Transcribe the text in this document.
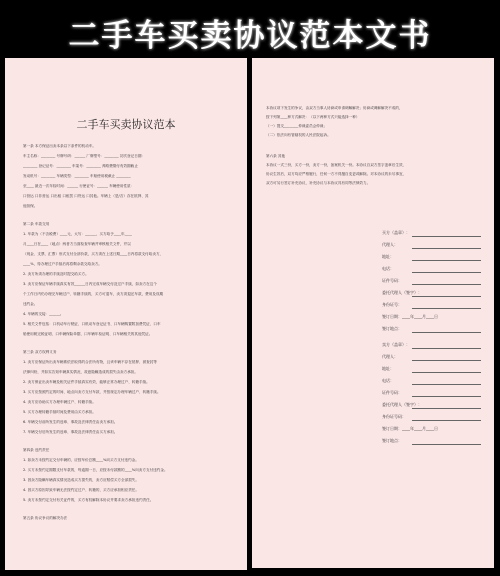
二手车买卖协议范本文书
二手车买卖协议范本
第一条 本方保证出卖本条以下条件的机动车。
车主名称：________ 号牌号码：______ 厂牌型号：________ 初次登记日期：
________ 登记证号：________ 车架号：________ 养路费缴付有效期截止
发动机号：________ 车辆类型：________ 车船使用税截止 ________
至____ 最近一次年检时间：______ 行使证号：______ 车辆使用性质：
口营运 口非营运 口出租 口租赁 口货运 口其他。车辆上（是/否）存在抵押、其
他担保。
第二条 车款交易
1. 车款为（不含税费）____元，大写：______，买方给予____年____
月____日在____（地点）两者方当面检查车辆并审核相关文件，并以
（现金、支票、汇票）形式支付全部价款，买方须在上述日期____日内将款支付给卖方，
____%，待办理过户手续后再将剩余款交给卖方。
2. 卖方所须办理的手续及时提交给买方。
3. 卖方应保证车辆手续真实有效______日内完成车辆交付及过户手续，如卖方在这个
个工作日内仍办理完车辆过户、转籍手续的，买方可退车，卖方须退还车款，费用及误期
违约金。
4. 车辆的交接：______。
5. 相关文件包括：口机动车行驶证、口机动车登记证书、口车辆购置附加费凭证、口车
船使用税完税证明、口车辆保险单据、口车辆年检证明、口车辆相关的其他凭证。
第三条 双方权利义务
1. 卖方应保证所出卖车辆系依法取得的合法所有物，且该车辆不存在抵押、被查封等
法律纠纷，并如实告知车辆真实情况，故意隐瞒造成的损失由卖方承担。
2. 卖方保证出卖车辆及相关证件手续真实有效，能够正常办理过户、转籍手续。
3. 买方应按照约定的时间、地点向卖方支付车款，并按规定办理车辆过户、转籍手续。
4. 卖方应协助买方办理车辆过户、转籍手续。
5. 买方办理转籍手续时间及费用由买方承担。
6. 车辆交付前所发生的违章、事故及法律责任由卖方承担。
7. 车辆交付后所发生的违章、事故及法律责任由买方承担。
第四条 违约责任
1. 如卖方未按约定交付车辆的，应按车价总额____%向买方支付违约金。
2. 买方未按约定期限支付车款的，每逾期一日，应按未付款额的____%向卖方支付违约金。
3. 因卖方隐瞒车辆真实情况造成买方损失的，卖方应赔偿买方全部损失。
4. 因买方原因导致车辆无法按约定过户、转籍的，买方应承担相应责任。
5. 卖方未按约定交付有关证件的，买方有权解除本协议并要求卖方承担违约责任。
第五条 协议争议的解决办法
本协议项下发生的争议，由双方当事人协商或申请调解解决；协商或调解解决不成的，
按下列第____种方式解决：（以下两种方式只能选择一种）
（一）提交________仲裁委员会仲裁；
（二）依法向有管辖权的人民法院起诉。
第六条 其他
本协议一式三份，买方一份，卖方一份，备案机关一份。本协议自双方签字盖章后生效，
协议生效后，双方均应严格履行，任何一方不得擅自变更或解除。对本协议的未尽事宜，
双方可另行签订补充协议，补充协议与本协议具有同等法律效力。
买方（盖章）：
代理人：
地址：
电话：
证件号码：
委托代理人（签字）：
身份证号：
签订日期：____年____月____日
签订地点：
卖方（盖章）：
代理人：
地址：
电话：
证件号码：
委托代理人（签字）：
身份证号码：
签订日期：____年____月____日
签订地点：
